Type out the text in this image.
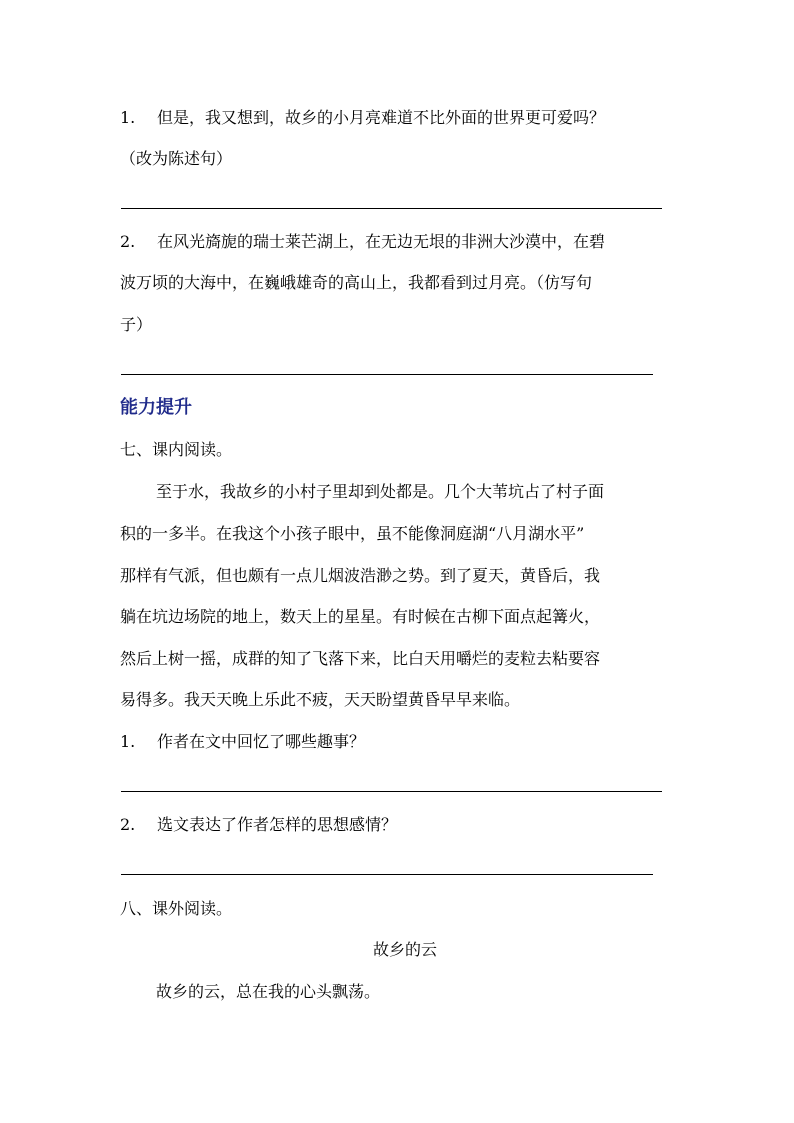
1. 但是，我又想到，故乡的小月亮难道不比外面的世界更可爱吗？
（改为陈述句）
2. 在风光旖旎的瑞士莱芒湖上，在无边无垠的非洲大沙漠中，在碧
波万顷的大海中，在巍峨雄奇的高山上，我都看到过月亮。（仿写句
子）
能力提升
七、课内阅读。
至于水，我故乡的小村子里却到处都是。几个大苇坑占了村子面
积的一多半。在我这个小孩子眼中，虽不能像洞庭湖“八月湖水平”
那样有气派，但也颇有一点儿烟波浩渺之势。到了夏天，黄昏后，我
躺在坑边场院的地上，数天上的星星。有时候在古柳下面点起篝火，
然后上树一摇，成群的知了飞落下来，比白天用嚼烂的麦粒去粘要容
易得多。我天天晚上乐此不疲，天天盼望黄昏早早来临。
1. 作者在文中回忆了哪些趣事？
2. 选文表达了作者怎样的思想感情？
八、课外阅读。
故乡的云
故乡的云，总在我的心头飘荡。
